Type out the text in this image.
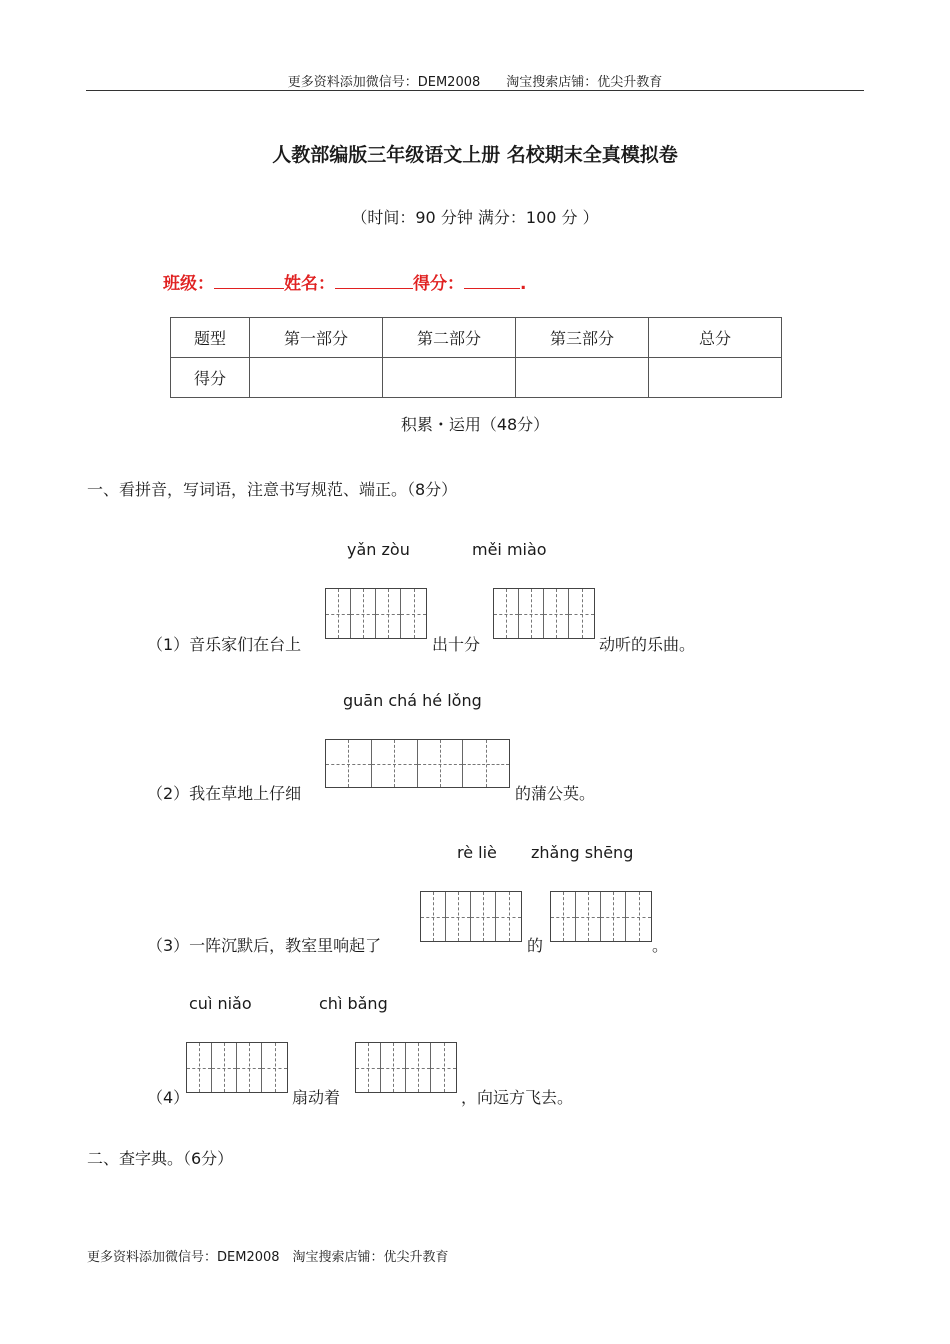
更多资料添加微信号：DEM2008　　淘宝搜索店铺：优尖升教育
人教部编版三年级语文上册 名校期末全真模拟卷
（时间：90 分钟 满分：100 分 ）
班级：	姓名：	得分：	.
题型	第一部分	第二部分	第三部分	总分
得分				
积累・运用（48分）
一、看拼音，写词语，注意书写规范、端正。（8分）
yǎn zòu	měi miào
（1）音乐家们在台上	出十分	动听的乐曲。
guān chá hé lǒng
（2）我在草地上仔细	的蒲公英。
rè liè zhǎng shēng
（3）一阵沉默后，教室里响起了	的	。
cuì niǎo	chì bǎng
（4）	扇动着	，向远方飞去。
二、查字典。（6分）
更多资料添加微信号：DEM2008　淘宝搜索店铺：优尖升教育
